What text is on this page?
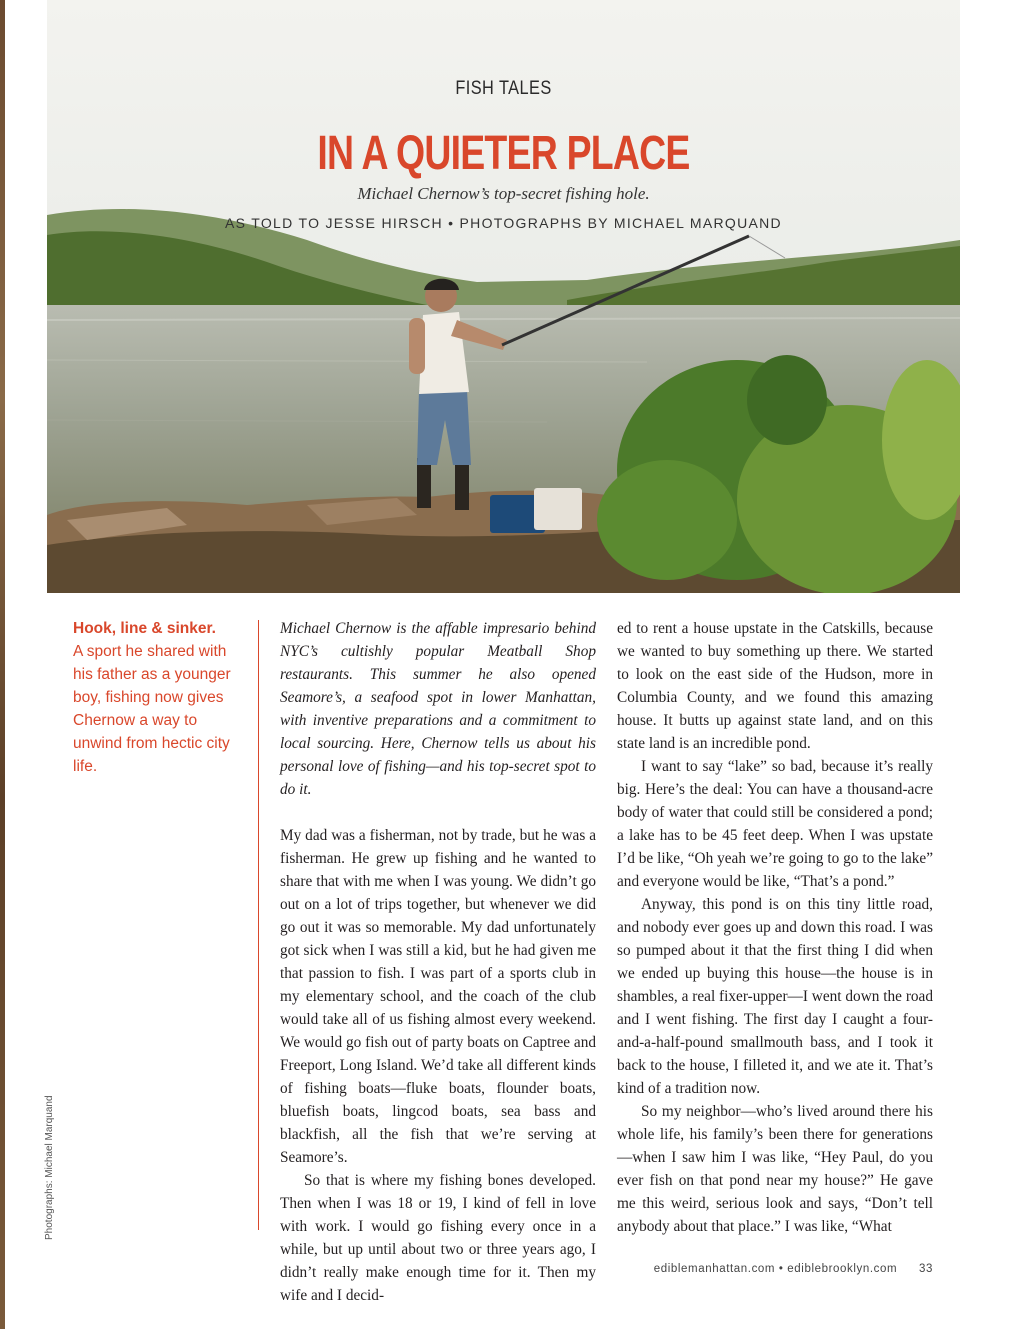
FISH TALES
IN A QUIETER PLACE
Michael Chernow’s top-secret fishing hole.
AS TOLD TO JESSE HIRSCH • PHOTOGRAPHS BY MICHAEL MARQUAND
Photographs: Michael Marquand
Hook, line & sinker.
A sport he shared with his father as a younger boy, fishing now gives Chernow a way to unwind from hectic city life.

Michael Chernow is the affable impresario behind NYC’s cultishly popular Meatball Shop restaurants. This summer he also opened Seamore’s, a seafood spot in lower Manhattan, with inventive preparations and a commitment to local sourcing. Here, Chernow tells us about his personal love of fishing—and his top-secret spot to do it.

My dad was a fisherman, not by trade, but he was a fisherman. He grew up fishing and he wanted to share that with me when I was young. We didn’t go out on a lot of trips together, but whenever we did go out it was so memorable. My dad unfortunately got sick when I was still a kid, but he had given me that passion to fish. I was part of a sports club in my elementary school, and the coach of the club would take all of us fishing almost every weekend. We would go fish out of party boats on Captree and Freeport, Long Island. We’d take all different kinds of fishing boats—fluke boats, flounder boats, bluefish boats, lingcod boats, sea bass and blackfish, all the fish that we’re serving at Seamore’s.

So that is where my fishing bones developed. Then when I was 18 or 19, I kind of fell in love with work. I would go fishing every once in a while, but up until about two or three years ago, I didn’t really make enough time for it. Then my wife and I decid-

ed to rent a house upstate in the Catskills, because we wanted to buy something up there. We started to look on the east side of the Hudson, more in Columbia County, and we found this amazing house. It butts up against state land, and on this state land is an incredible pond.

I want to say “lake” so bad, because it’s really big. Here’s the deal: You can have a thousand-acre body of water that could still be considered a pond; a lake has to be 45 feet deep. When I was upstate I’d be like, “Oh yeah we’re going to go to the lake” and everyone would be like, “That’s a pond.”

Anyway, this pond is on this tiny little road, and nobody ever goes up and down this road. I was so pumped about it that the first thing I did when we ended up buying this house—the house is in shambles, a real fixer-upper—I went down the road and I went fishing. The first day I caught a four-and-a-half-pound smallmouth bass, and I took it back to the house, I filleted it, and we ate it. That’s kind of a tradition now.

So my neighbor—who’s lived around there his whole life, his family’s been there for generations—when I saw him I was like, “Hey Paul, do you ever fish on that pond near my house?” He gave me this weird, serious look and says, “Don’t tell anybody about that place.” I was like, “What

ediblemanhattan.com • ediblebrooklyn.com 33
